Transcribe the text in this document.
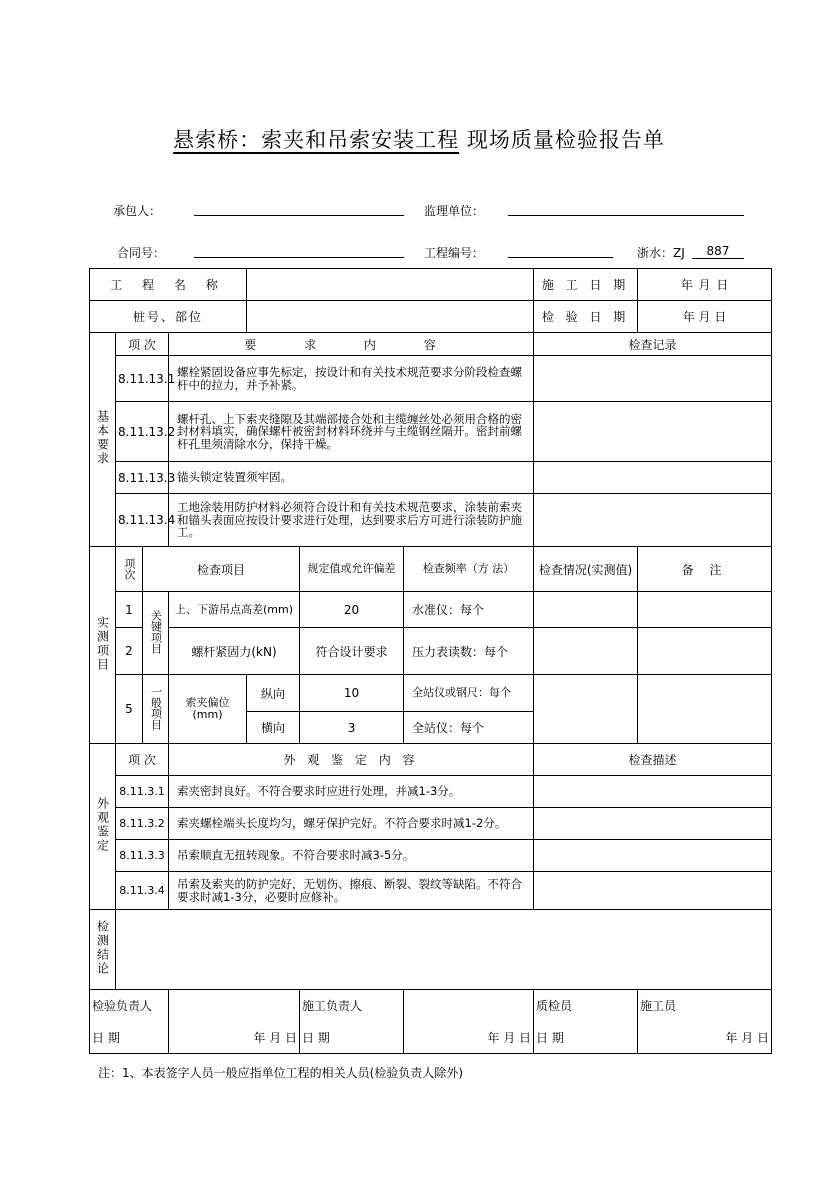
悬索桥：索夹和吊索安装工程 现场质量检验报告单
承包人：	监理单位：
合同号：	工程编号：	浙水：ZJ	887
工 程 名 称							施 工 日 期	年 月 日
桩号、部位							检 验 日 期	年 月 日
基本要求	项 次		要 求 内 容				检查记录	
	8.11.13.1		螺栓紧固设备应事先标定，按设计和有关技术规范要求分阶段检查螺杆中的拉力，并予补紧。					
	8.11.13.2		螺杆孔、上下索夹缝隙及其端部接合处和主缆缠丝处必须用合格的密封材料填实，确保螺杆被密封材料环绕并与主缆钢丝隔开。密封前螺杆孔里须清除水分，保持干燥。					
	8.11.13.3		锚头锁定装置须牢固。					
	8.11.13.4		工地涂装用防护材料必须符合设计和有关技术规范要求，涂装前索夹和锚头表面应按设计要求进行处理，达到要求后方可进行涂装防护施工。					
实测项目	项次	检查项目			规定值或允许偏差	检查频率（方 法）	检查情况(实测值)	备 注
	1	关键项目	上、下游吊点高差(mm)		20	水准仪：每个		
	2		螺杆紧固力(kN)		符合设计要求	压力表读数：每个		
	5	一般项目	索夹偏位(mm)	纵向	10	全站仪或钢尺：每个		
				横向	3	全站仪：每个		
外观鉴定	项 次		外 观 鉴 定 内 容				检查描述	
	8.11.3.1		索夹密封良好。不符合要求时应进行处理，并减1-3分。					
	8.11.3.2		索夹螺栓端头长度均匀，螺牙保护完好。不符合要求时减1-2分。					
	8.11.3.3		吊索顺直无扭转现象。不符合要求时减3-5分。					
	8.11.3.4		吊索及索夹的防护完好，无划伤、擦痕、断裂、裂纹等缺陷。不符合要求时减1-3分，必要时应修补。					
检测结论								
检验负责人					施工负责人		质检员	施工员
日 期			年 月 日		日 期	年 月 日	日 期	年 月 日
注：1、本表签字人员一般应指单位工程的相关人员(检验负责人除外)
